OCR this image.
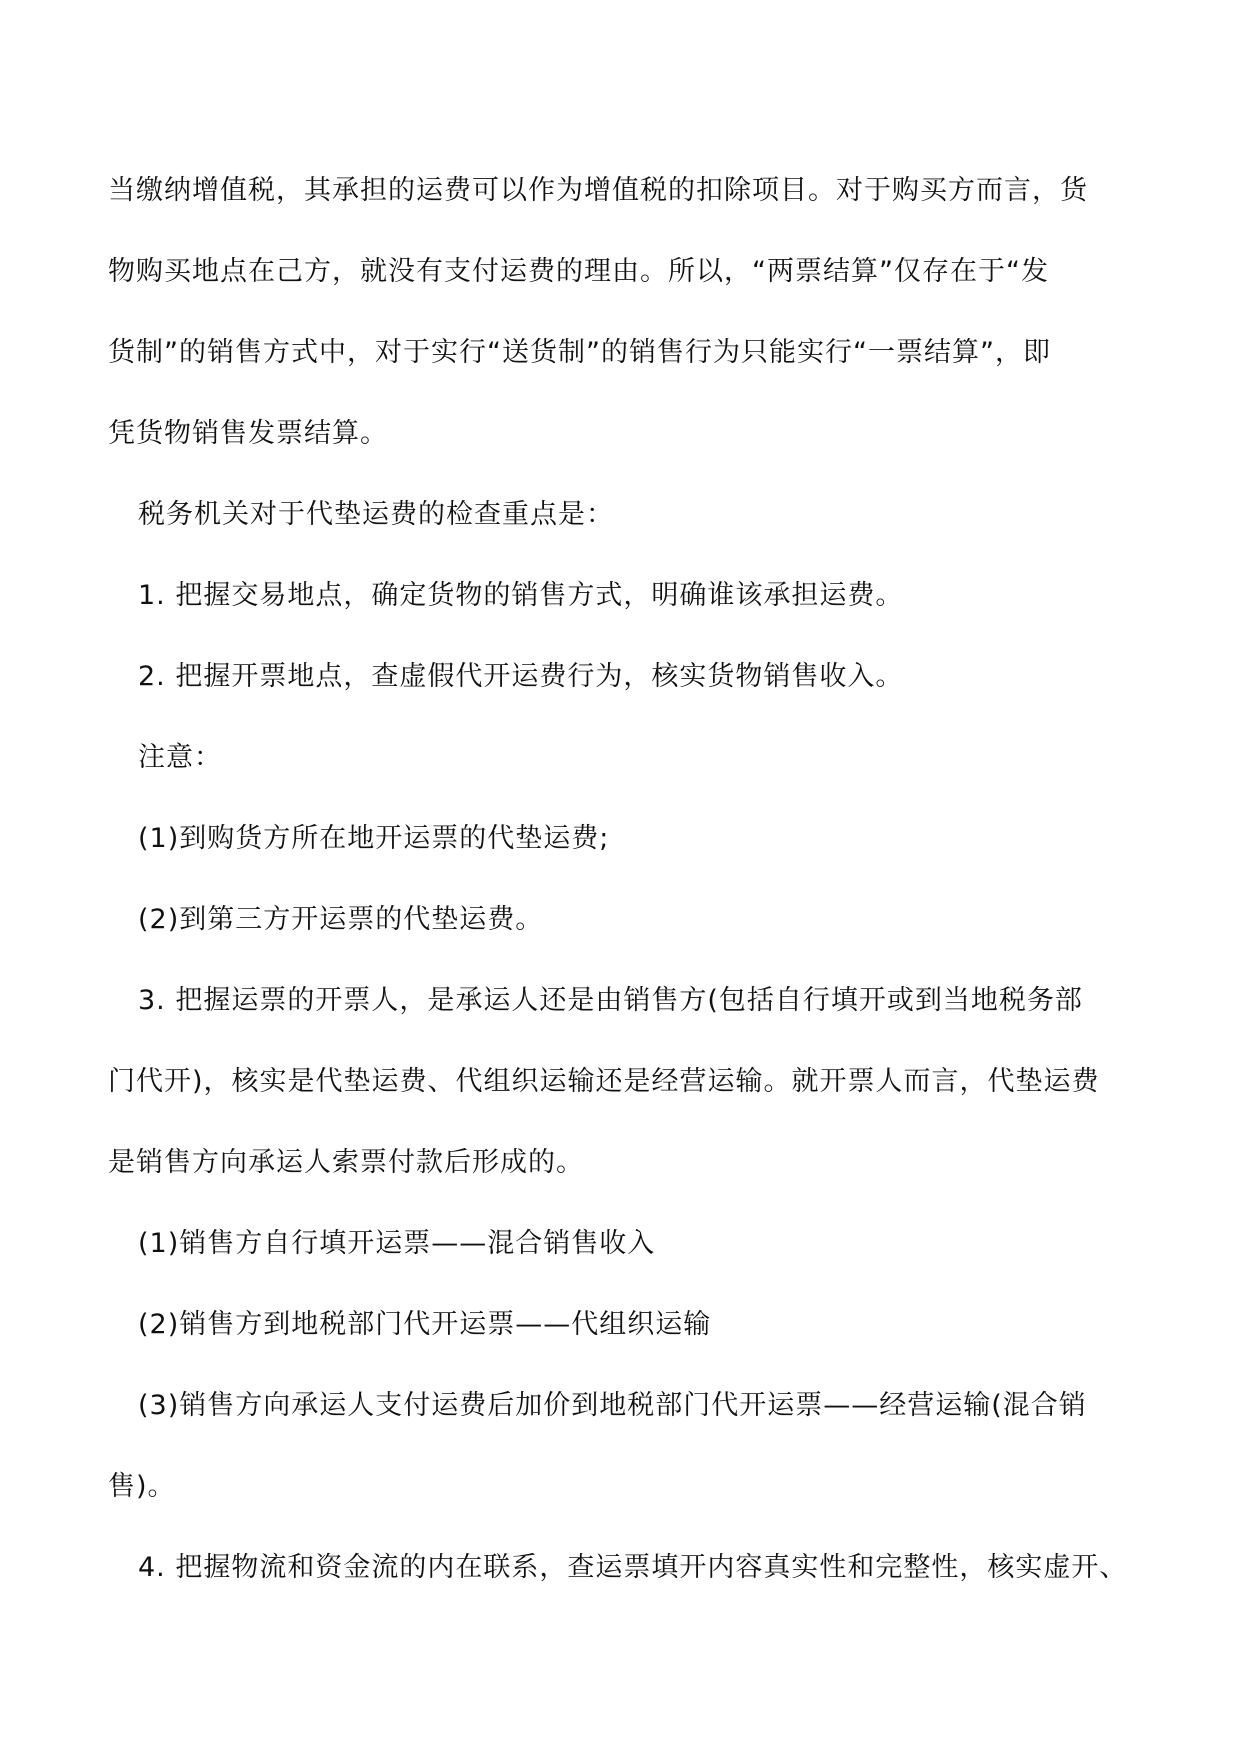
当缴纳增值税，其承担的运费可以作为增值税的扣除项目。对于购买方而言，货
物购买地点在己方，就没有支付运费的理由。所以，“两票结算”仅存在于“发
货制”的销售方式中，对于实行“送货制”的销售行为只能实行“一票结算”，即
凭货物销售发票结算。
税务机关对于代垫运费的检查重点是：
1. 把握交易地点，确定货物的销售方式，明确谁该承担运费。
2. 把握开票地点，查虚假代开运费行为，核实货物销售收入。
注意：
(1)到购货方所在地开运票的代垫运费;
(2)到第三方开运票的代垫运费。
3. 把握运票的开票人，是承运人还是由销售方(包括自行填开或到当地税务部
门代开)，核实是代垫运费、代组织运输还是经营运输。就开票人而言，代垫运费
是销售方向承运人索票付款后形成的。
(1)销售方自行填开运票——混合销售收入
(2)销售方到地税部门代开运票——代组织运输
(3)销售方向承运人支付运费后加价到地税部门代开运票——经营运输(混合销
售)。
4. 把握物流和资金流的内在联系，查运票填开内容真实性和完整性，核实虚开、
